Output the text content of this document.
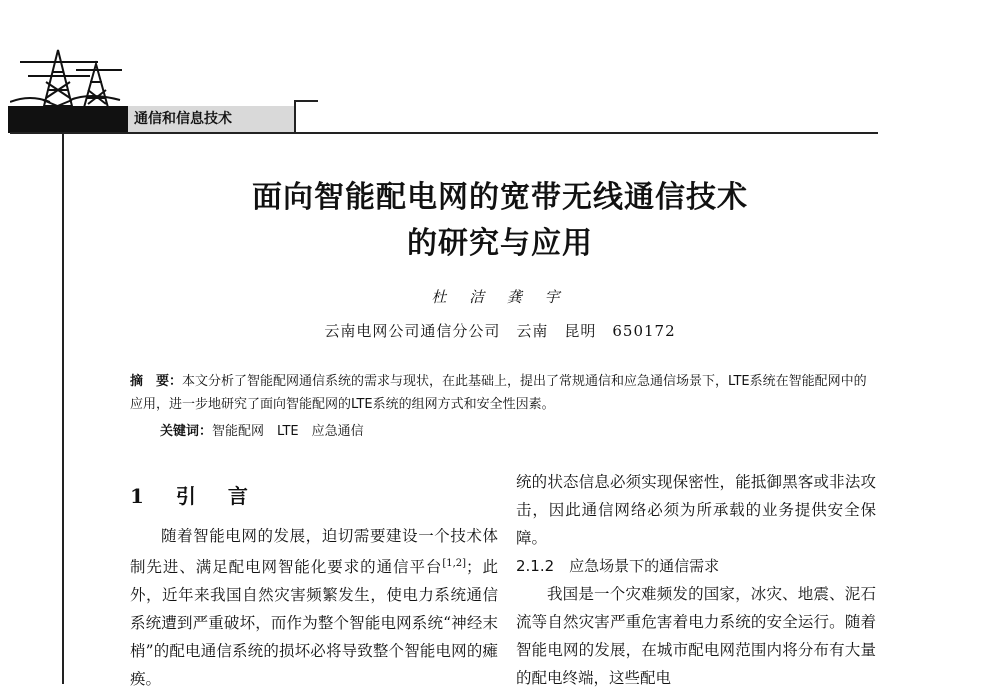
通信和信息技术
面向智能配电网的宽带无线通信技术
的研究与应用
杜 洁 龚 宇
云南电网公司通信分公司　云南　昆明　650172

摘　要：本文分析了智能配网通信系统的需求与现状，在此基础上，提出了常规通信和应急通信场景下，LTE系统在智能配网中的应用，进一步地研究了面向智能配网的LTE系统的组网方式和安全性因素。

关键词：智能配网　LTE　应急通信
1　引　言

随着智能电网的发展，迫切需要建设一个技术体制先进、满足配电网智能化要求的通信平台[1,2]；此外，近年来我国自然灾害频繁发生，使电力系统通信系统遭到严重破坏，而作为整个智能电网系统“神经末梢”的配电通信系统的损坏必将导致整个智能电网的瘫痪。

统的状态信息必须实现保密性，能抵御黑客或非法攻击，因此通信网络必须为所承载的业务提供安全保障。

2.1.2　应急场景下的通信需求

我国是一个灾难频发的国家，冰灾、地震、泥石流等自然灾害严重危害着电力系统的安全运行。随着智能电网的发展，在城市配电网范围内将分布有大量的配电终端，这些配电
